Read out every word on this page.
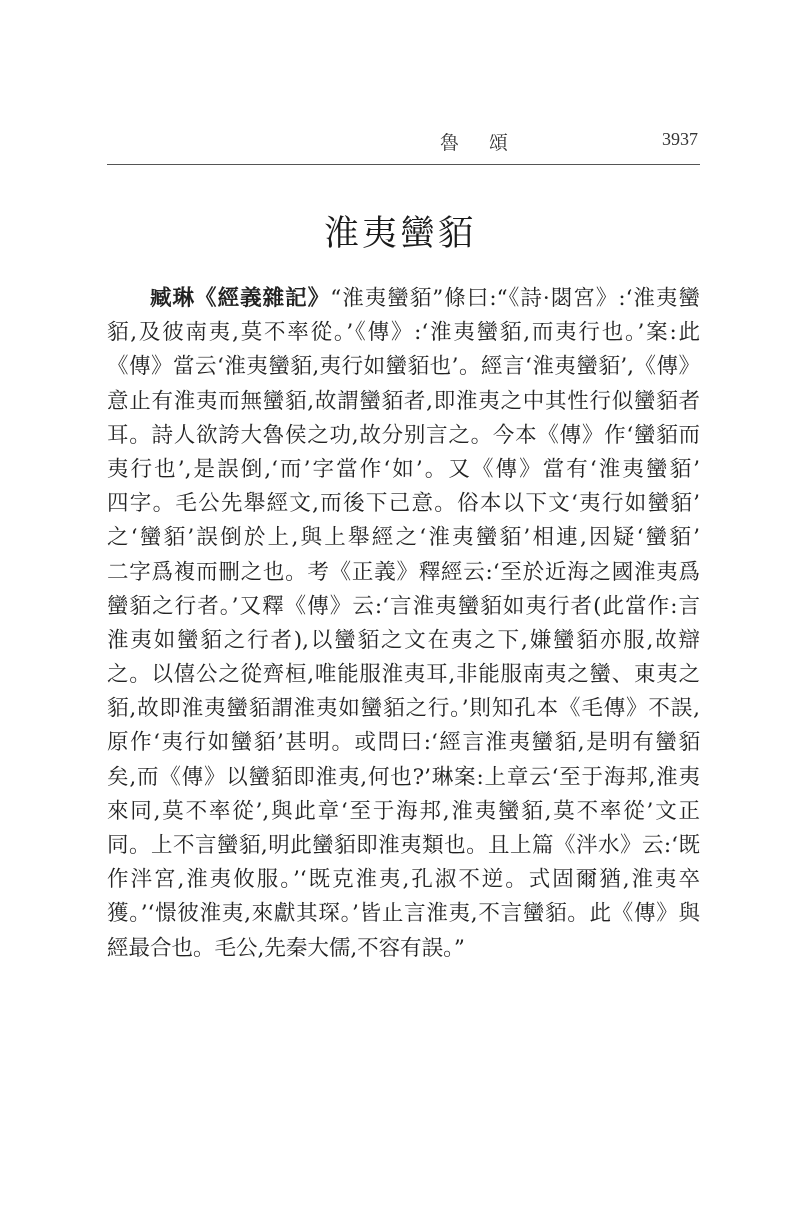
魯頌	3937
淮夷蠻貊
臧琳《經義雜記》“淮夷蠻貊”條曰:“《詩·閟宮》:‘淮夷蠻
貊,及彼南夷,莫不率從。’《傳》:‘淮夷蠻貊,而夷行也。’案:此
《傳》當云‘淮夷蠻貊,夷行如蠻貊也’。經言‘淮夷蠻貊’,《傳》
意止有淮夷而無蠻貊,故謂蠻貊者,即淮夷之中其性行似蠻貊者
耳。詩人欲誇大魯侯之功,故分别言之。今本《傳》作‘蠻貊而
夷行也’,是誤倒,‘而’字當作‘如’。又《傳》當有‘淮夷蠻貊’
四字。毛公先舉經文,而後下己意。俗本以下文‘夷行如蠻貊’
之‘蠻貊’誤倒於上,與上舉經之‘淮夷蠻貊’相連,因疑‘蠻貊’
二字爲複而刪之也。考《正義》釋經云:‘至於近海之國淮夷爲
蠻貊之行者。’又釋《傳》云:‘言淮夷蠻貊如夷行者(此當作:言
淮夷如蠻貊之行者),以蠻貊之文在夷之下,嫌蠻貊亦服,故辯
之。以僖公之從齊桓,唯能服淮夷耳,非能服南夷之蠻、東夷之
貊,故即淮夷蠻貊謂淮夷如蠻貊之行。’則知孔本《毛傳》不誤,
原作‘夷行如蠻貊’甚明。或問曰:‘經言淮夷蠻貊,是明有蠻貊
矣,而《傳》以蠻貊即淮夷,何也?’琳案:上章云‘至于海邦,淮夷
來同,莫不率從’,與此章‘至于海邦,淮夷蠻貊,莫不率從’文正
同。上不言蠻貊,明此蠻貊即淮夷類也。且上篇《泮水》云:‘既
作泮宮,淮夷攸服。’‘既克淮夷,孔淑不逆。式固爾猶,淮夷卒
獲。’‘憬彼淮夷,來獻其琛。’皆止言淮夷,不言蠻貊。此《傳》與
經最合也。毛公,先秦大儒,不容有誤。”
